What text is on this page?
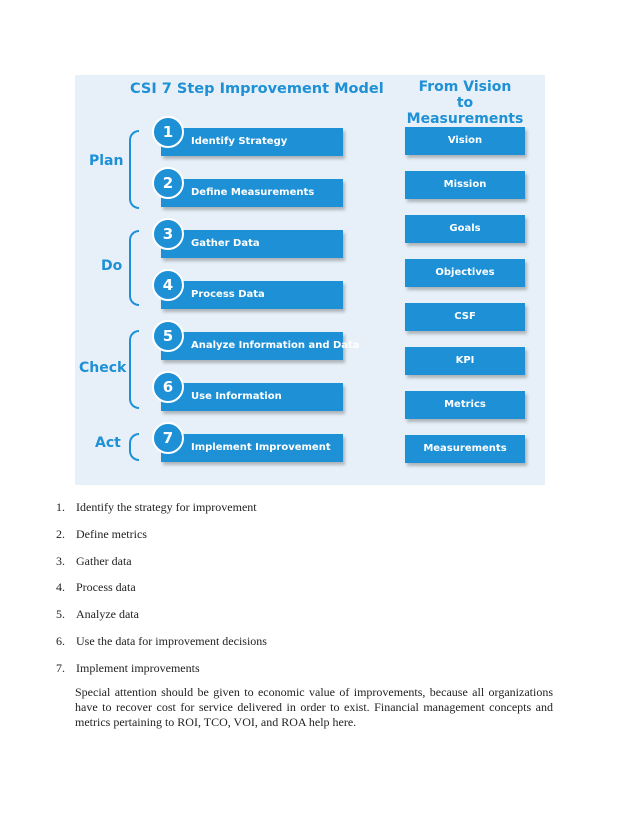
CSI 7 Step Improvement Model	From Vision
to Measurements
Plan
Do
Check
Act
1
Identify Strategy
2
Define Measurements
3
Gather Data
4
Process Data
5
Analyze Information and Data
6
Use Information
7
Implement Improvement
Vision
Mission
Goals
Objectives
CSF
KPI
Metrics
Measurements
1. Identify the strategy for improvement
2. Define metrics
3. Gather data
4. Process data
5. Analyze data
6. Use the data for improvement decisions
7. Implement improvements

Special attention should be given to economic value of improvements, because all organizations have to recover cost for service delivered in order to exist. Financial management concepts and metrics pertaining to ROI, TCO, VOI, and ROA help here.
